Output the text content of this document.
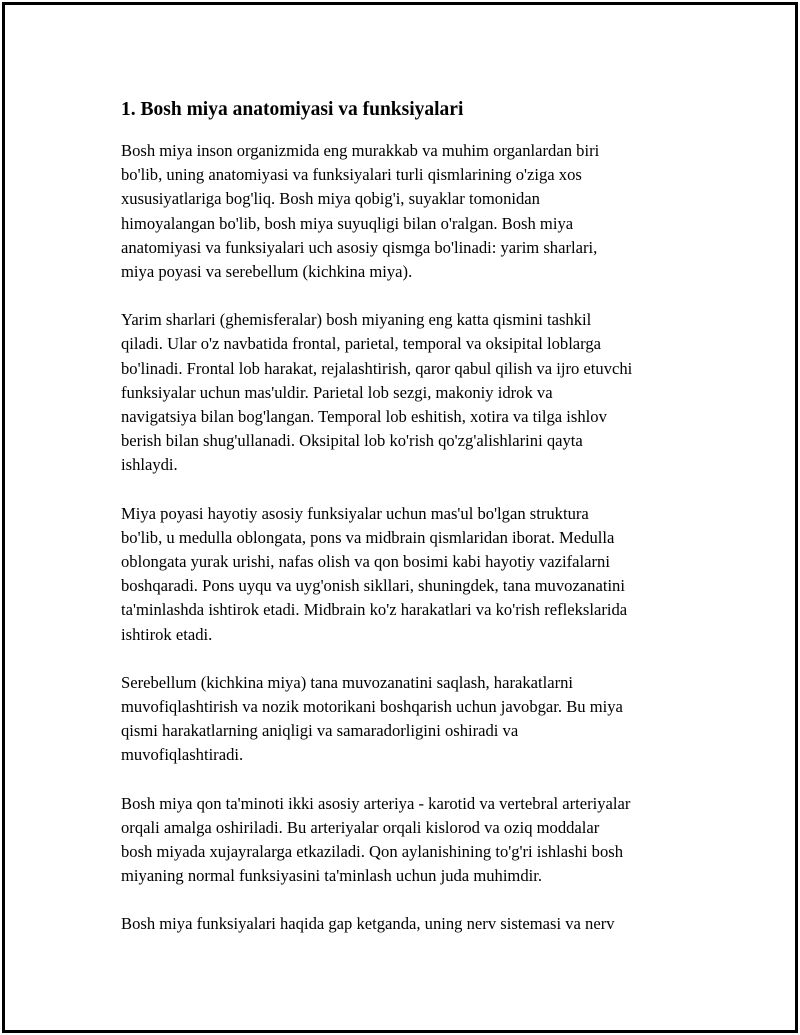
1. Bosh miya anatomiyasi va funksiyalari

Bosh miya inson organizmida eng murakkab va muhim organlardan biri
bo'lib, uning anatomiyasi va funksiyalari turli qismlarining o'ziga xos
xususiyatlariga bog'liq. Bosh miya qobig'i, suyaklar tomonidan
himoyalangan bo'lib, bosh miya suyuqligi bilan o'ralgan. Bosh miya
anatomiyasi va funksiyalari uch asosiy qismga bo'linadi: yarim sharlari,
miya poyasi va serebellum (kichkina miya).

Yarim sharlari (ghemisferalar) bosh miyaning eng katta qismini tashkil
qiladi. Ular o'z navbatida frontal, parietal, temporal va oksipital loblarga
bo'linadi. Frontal lob harakat, rejalashtirish, qaror qabul qilish va ijro etuvchi
funksiyalar uchun mas'uldir. Parietal lob sezgi, makoniy idrok va
navigatsiya bilan bog'langan. Temporal lob eshitish, xotira va tilga ishlov
berish bilan shug'ullanadi. Oksipital lob ko'rish qo'zg'alishlarini qayta
ishlaydi.

Miya poyasi hayotiy asosiy funksiyalar uchun mas'ul bo'lgan struktura
bo'lib, u medulla oblongata, pons va midbrain qismlaridan iborat. Medulla
oblongata yurak urishi, nafas olish va qon bosimi kabi hayotiy vazifalarni
boshqaradi. Pons uyqu va uyg'onish sikllari, shuningdek, tana muvozanatini
ta'minlashda ishtirok etadi. Midbrain ko'z harakatlari va ko'rish reflekslarida
ishtirok etadi.

Serebellum (kichkina miya) tana muvozanatini saqlash, harakatlarni
muvofiqlashtirish va nozik motorikani boshqarish uchun javobgar. Bu miya
qismi harakatlarning aniqligi va samaradorligini oshiradi va
muvofiqlashtiradi.

Bosh miya qon ta'minoti ikki asosiy arteriya - karotid va vertebral arteriyalar
orqali amalga oshiriladi. Bu arteriyalar orqali kislorod va oziq moddalar
bosh miyada xujayralarga etkaziladi. Qon aylanishining to'g'ri ishlashi bosh
miyaning normal funksiyasini ta'minlash uchun juda muhimdir.

Bosh miya funksiyalari haqida gap ketganda, uning nerv sistemasi va nerv
